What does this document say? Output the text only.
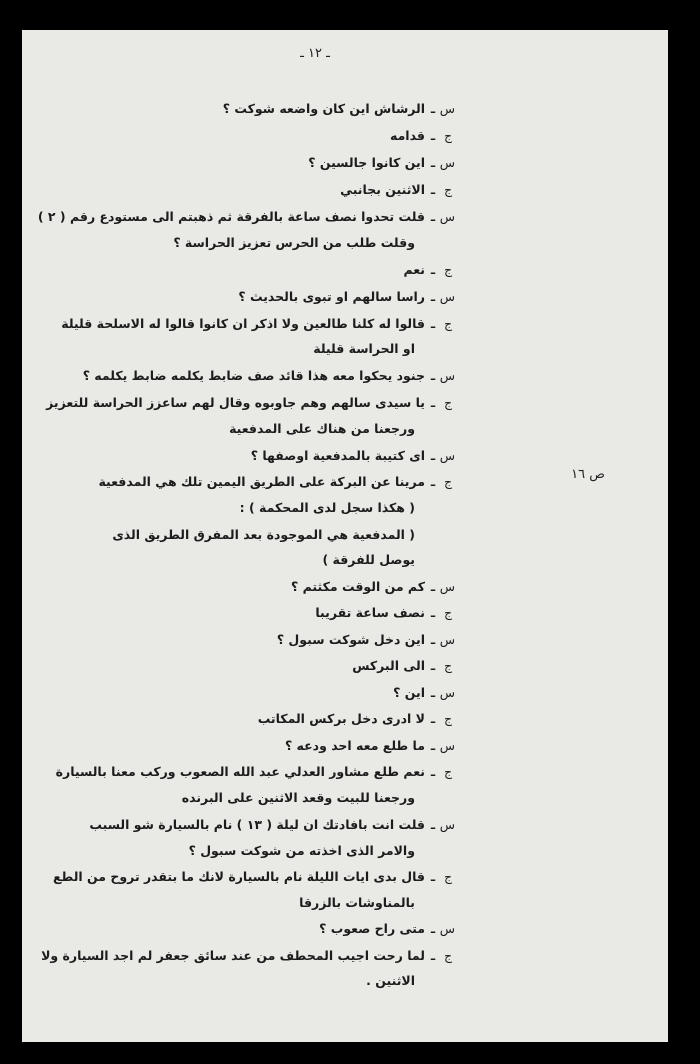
ـ ١٢ ـ
ص ١٦
سـالرشاش اين كان واضعه شوكت ؟
جـقدامه
سـاين كانوا جالسين ؟
جـالاثنين بجانبي
سـقلت تحدوا نصف ساعة بالفرقة ثم ذهبتم الى مستودع رقم ( ٢ )
وقلت طلب من الحرس تعزيز الحراسة ؟
جـنعم
سـراسا سالهم او تبوى بالحديث ؟
جـقالوا له كلنا طالعين ولا اذكر ان كانوا قالوا له الاسلحة قليلة
او الحراسة قليلة
سـجنود يحكوا معه هذا قائد صف ضابط يكلمه ضابط يكلمه ؟
جـيا سيدى سالهم وهم جاوبوه وقال لهم ساعزز الحراسة للتعزيز
ورجعنا من هناك على المدفعية
سـاى كتيبة بالمدفعية اوصفها ؟
جـمرينا عن البركة على الطريق اليمين تلك هي المدفعية
( هكذا سجل لدى المحكمة ) :
( المدفعية هي الموجودة بعد المفرق الطريق الذى
يوصل للفرقة )
سـكم من الوقت مكثتم ؟
جـنصف ساعة تقريبا
سـاين دخل شوكت سبول ؟
جـالى البركس
سـاين ؟
جـلا ادرى دخل بركس المكاتب
سـما طلع معه احد ودعه ؟
جـنعم طلع مشاور العدلي عبد الله الصعوب وركب معنا بالسيارة
ورجعنا للبيت وقعد الاثنين على البرنده
سـقلت انت بافادتك ان ليلة ( ١٣ ) نام بالسيارة شو السبب
والامر الذى اخذته من شوكت سبول ؟
جـقال بدى ايات الليلة نام بالسيارة لانك ما بتقدر تروح من الطع
بالمناوشات بالزرقا
سـمتى راح صعوب ؟
جـلما رحت اجيب المحطف من عند سائق جعفر لم اجد السيارة ولا
الاثنين .
